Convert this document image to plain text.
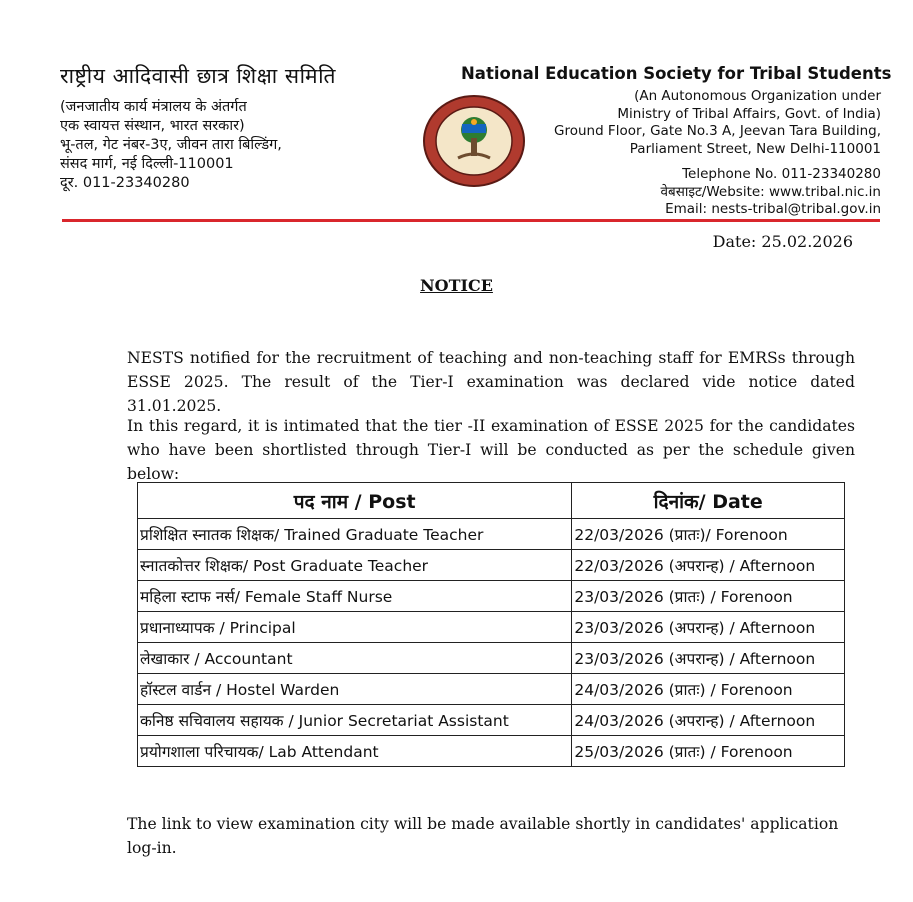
राष्ट्रीय आदिवासी छात्र शिक्षा समिति
(जनजातीय कार्य मंत्रालय के अंतर्गत
एक स्वायत्त संस्थान, भारत सरकार)
भू-तल, गेट नंबर-3ए, जीवन तारा बिल्डिंग,
संसद मार्ग, नई दिल्ली-110001
दूर. 011-23340280
National Education Society for Tribal Students
(An Autonomous Organization under
Ministry of Tribal Affairs, Govt. of India)
Ground Floor, Gate No.3 A, Jeevan Tara Building,
Parliament Street, New Delhi-110001
Telephone No. 011-23340280
वेबसाइट/Website: www.tribal.nic.in
Email: nests-tribal@tribal.gov.in
Date: 25.02.2026
NOTICE
NESTS notified for the recruitment of teaching and non-teaching staff for EMRSs through ESSE 2025. The result of the Tier-I examination was declared vide notice dated 31.01.2025.
In this regard, it is intimated that the tier -II examination of ESSE 2025 for the candidates who have been shortlisted through Tier-I will be conducted as per the schedule given below:
पद नाम / Post	दिनांक/ Date
प्रशिक्षित स्नातक शिक्षक/ Trained Graduate Teacher	22/03/2026 (प्रातः)/ Forenoon
स्नातकोत्तर शिक्षक/ Post Graduate Teacher	22/03/2026 (अपरान्ह) / Afternoon
महिला स्टाफ नर्स/ Female Staff Nurse	23/03/2026 (प्रातः) / Forenoon
प्रधानाध्यापक / Principal	23/03/2026 (अपरान्ह) / Afternoon
लेखाकार / Accountant	23/03/2026 (अपरान्ह) / Afternoon
हॉस्टल वार्डन / Hostel Warden	24/03/2026 (प्रातः) / Forenoon
कनिष्ठ सचिवालय सहायक / Junior Secretariat Assistant	24/03/2026 (अपरान्ह) / Afternoon
प्रयोगशाला परिचायक/ Lab Attendant	25/03/2026 (प्रातः) / Forenoon
The link to view examination city will be made available shortly in candidates' application log-in.
